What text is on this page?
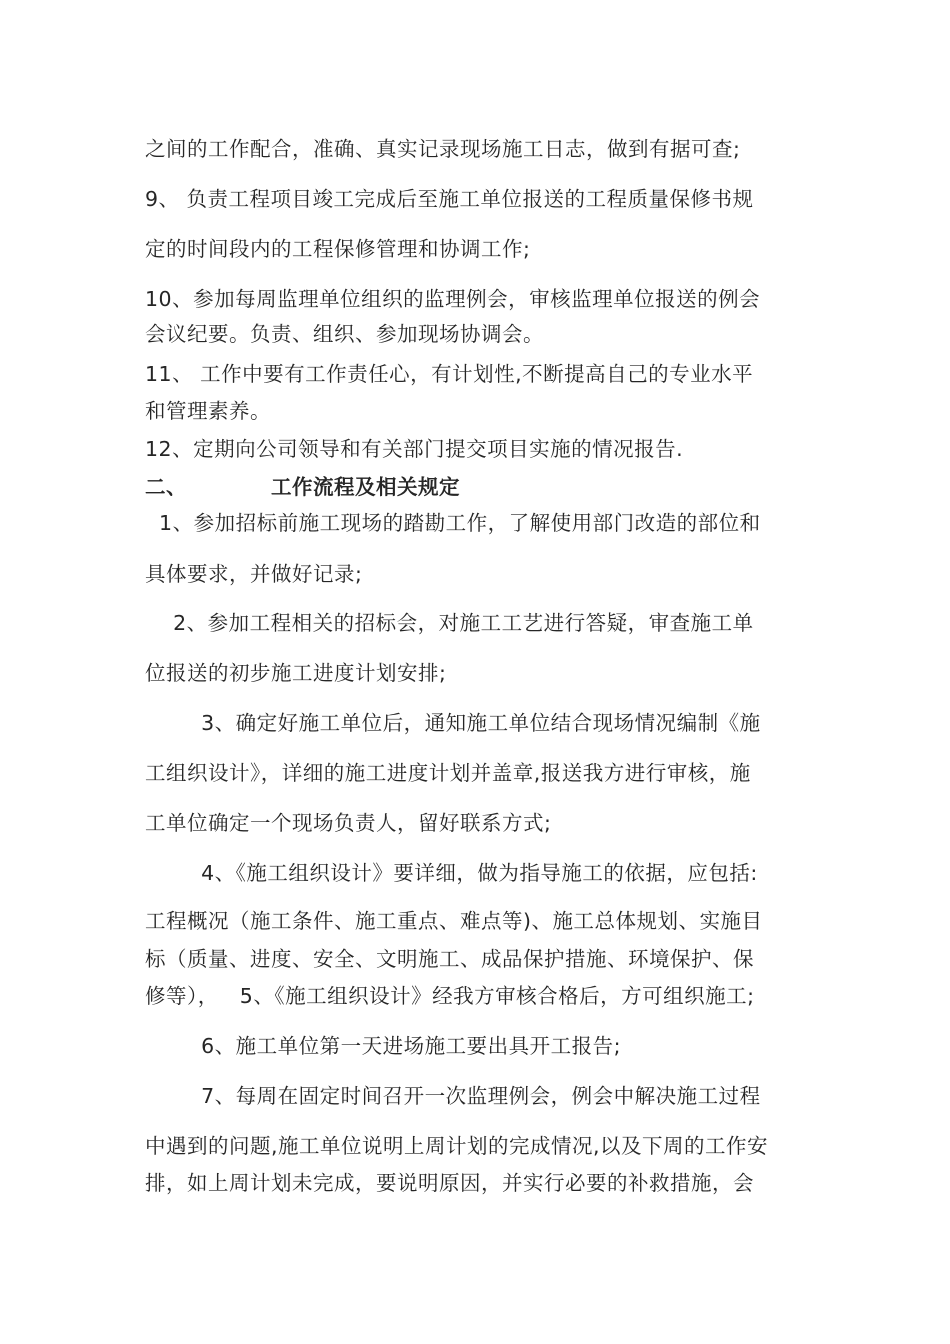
之间的工作配合，准确、真实记录现场施工日志，做到有据可查;
9、 负责工程项目竣工完成后至施工单位报送的工程质量保修书规
定的时间段内的工程保修管理和协调工作;
10、参加每周监理单位组织的监理例会，审核监理单位报送的例会
会议纪要。负责、组织、参加现场协调会。
11、 工作中要有工作责任心，有计划性,不断提高自己的专业水平
和管理素养。
12、定期向公司领导和有关部门提交项目实施的情况报告.
二、	工作流程及相关规定
1、参加招标前施工现场的踏勘工作，了解使用部门改造的部位和
具体要求，并做好记录;
2、参加工程相关的招标会，对施工工艺进行答疑，审查施工单
位报送的初步施工进度计划安排;
3、确定好施工单位后，通知施工单位结合现场情况编制《施
工组织设计》，详细的施工进度计划并盖章,报送我方进行审核，施
工单位确定一个现场负责人，留好联系方式;
4、《施工组织设计》要详细，做为指导施工的依据，应包括:
工程概况（施工条件、施工重点、难点等)、施工总体规划、实施目
标（质量、进度、安全、文明施工、成品保护措施、环境保护、保
修等），   5、《施工组织设计》经我方审核合格后，方可组织施工;
6、施工单位第一天进场施工要出具开工报告;
7、每周在固定时间召开一次监理例会，例会中解决施工过程
中遇到的问题,施工单位说明上周计划的完成情况,以及下周的工作安
排，如上周计划未完成，要说明原因，并实行必要的补救措施，会
